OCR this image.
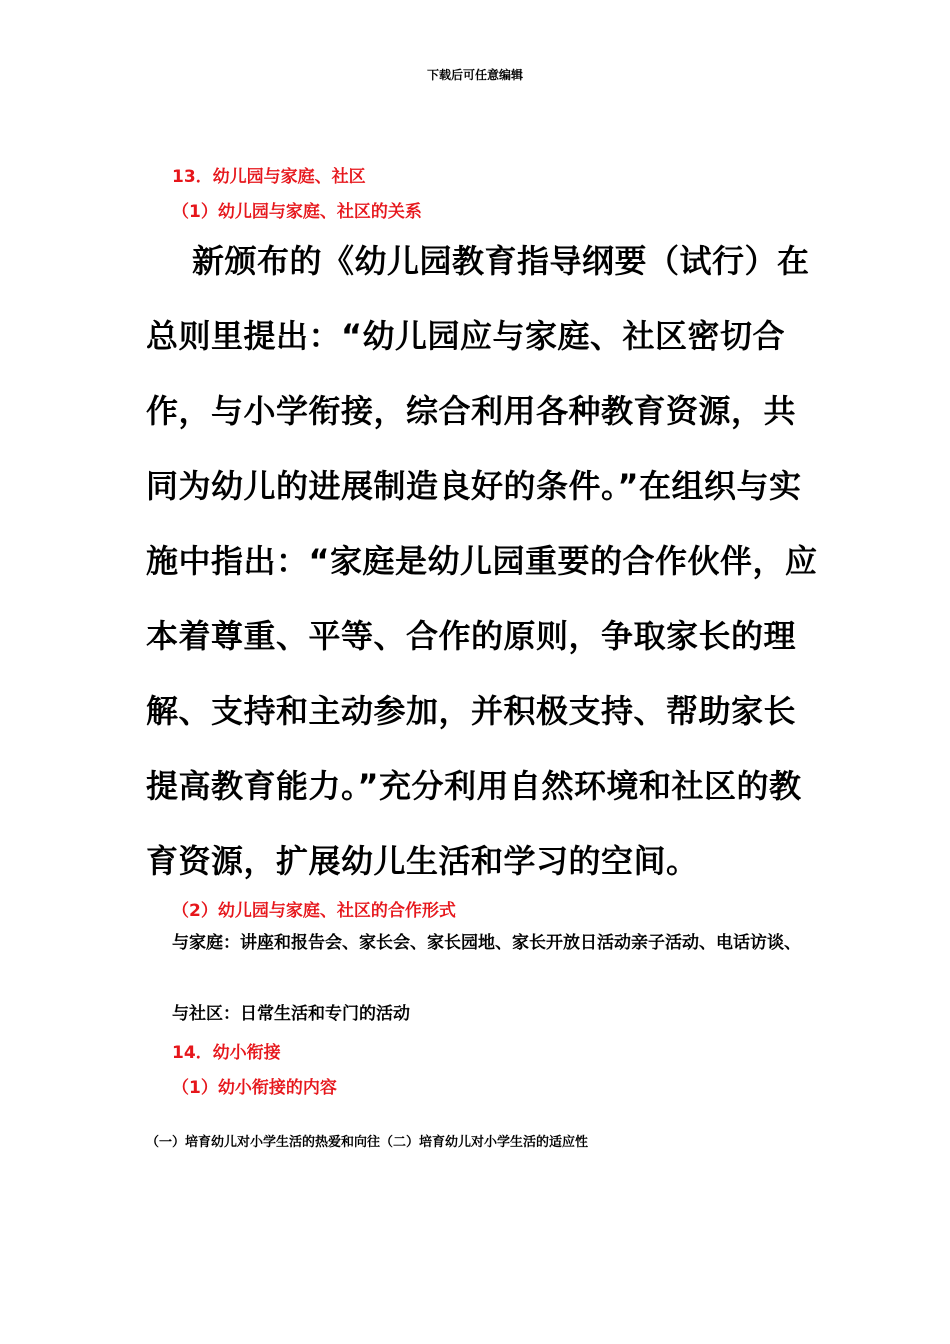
下载后可任意编辑
13．幼儿园与家庭、社区
（1）幼儿园与家庭、社区的关系
新颁布的《幼儿园教育指导纲要（试行）在总则里提出：“幼儿园应与家庭、社区密切合作，与小学衔接，综合利用各种教育资源，共同为幼儿的进展制造良好的条件。”在组织与实施中指出：“家庭是幼儿园重要的合作伙伴，应本着尊重、平等、合作的原则，争取家长的理解、支持和主动参加，并积极支持、帮助家长提高教育能力。”充分利用自然环境和社区的教育资源，扩展幼儿生活和学习的空间。
（2）幼儿园与家庭、社区的合作形式
与家庭：讲座和报告会、家长会、家长园地、家长开放日活动亲子活动、电话访谈、
与社区：日常生活和专门的活动
14．幼小衔接
（1）幼小衔接的内容
（一）培育幼儿对小学生活的热爱和向往（二）培育幼儿对小学生活的适应性
